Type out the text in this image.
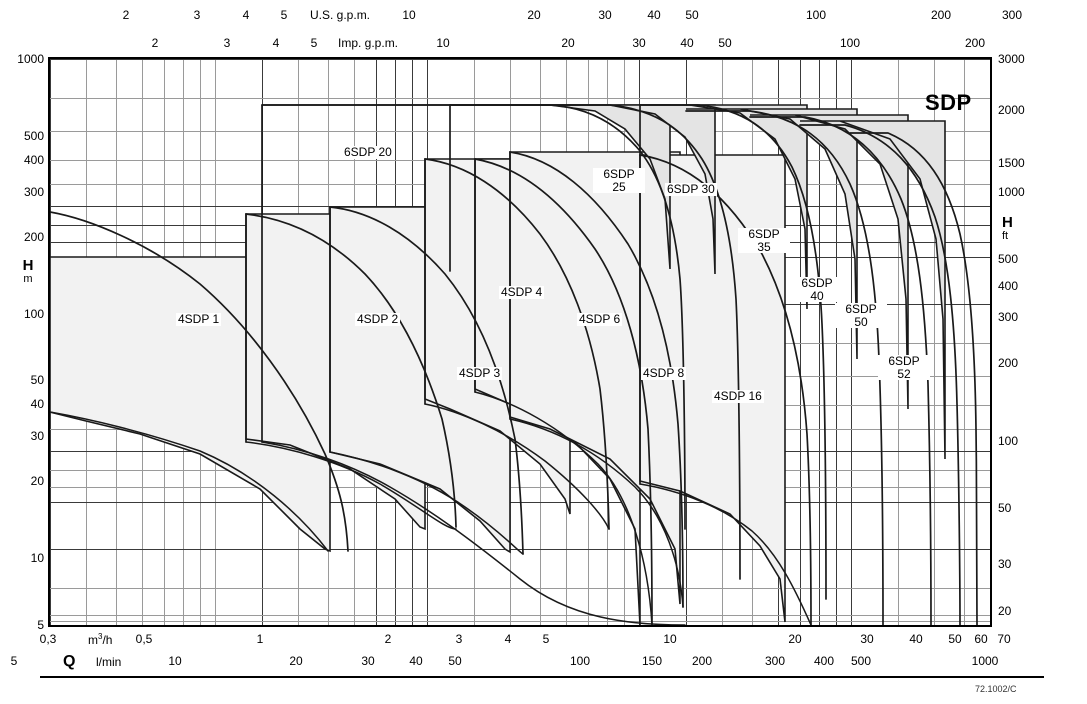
2	3	4	5 U.S. g.p.m.	10	20	30	40 50	100	200	300
2	3	4	5 Imp. g.p.m.	10	20	30	40 50	100	200
1000
500
400
300
200
100
50
40
30
20
10
5
H
m
3000
2000
1500
1000
500
400
300
200
100
50
30
20
H
ft
SDP
4SDP 1	4SDP 2
4SDP 3
4SDP 4
4SDP 6
4SDP 8
4SDP 16
6SDP 20
6SDP
25	6SDP 30
6SDP
35
6SDP
40
6SDP
50
6SDP
52
0,3	$m^3/h$ 0,5	1	2	3	4	5	10	20	30	40 50 60 70
5	Q l/min	10	20	30	40 50	100	150 200	300 400 500	1000
72.1002/C
